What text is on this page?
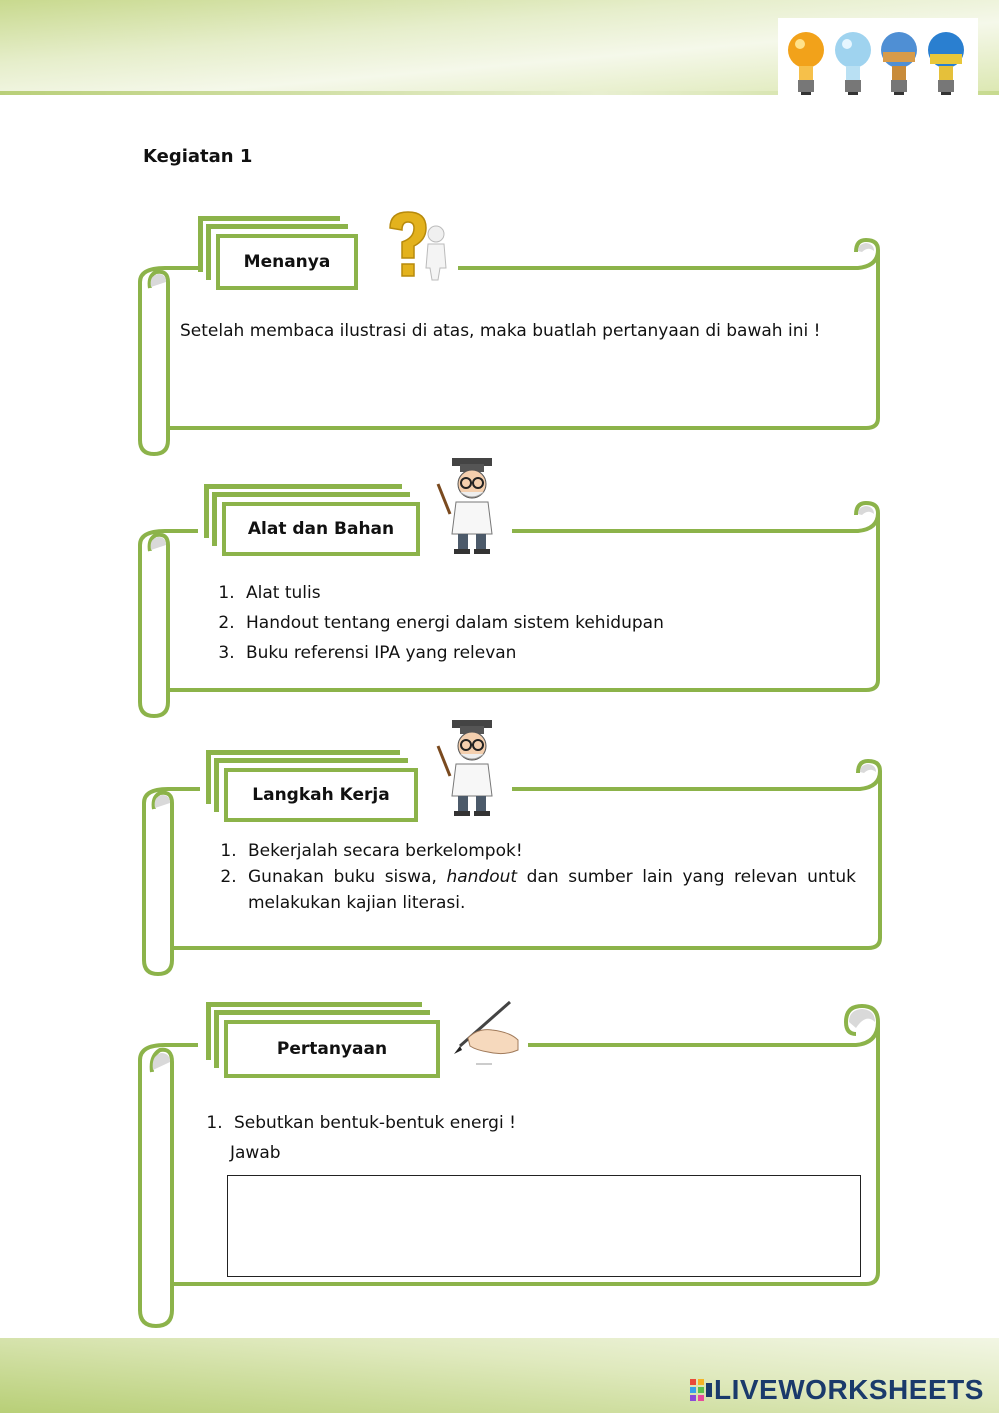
Kegiatan 1
Menanya
Setelah membaca ilustrasi di atas, maka buatlah pertanyaan di bawah ini !
Alat dan Bahan
1. Alat tulis
2. Handout tentang energi dalam sistem kehidupan
3. Buku referensi IPA yang relevan
Langkah Kerja
1. Bekerjalah secara berkelompok!
2. Gunakan buku siswa, handout dan sumber lain yang relevan untuk melakukan kajian literasi.
Pertanyaan
1. Sebutkan bentuk-bentuk energi !
Jawab
LIVEWORKSHEETS
